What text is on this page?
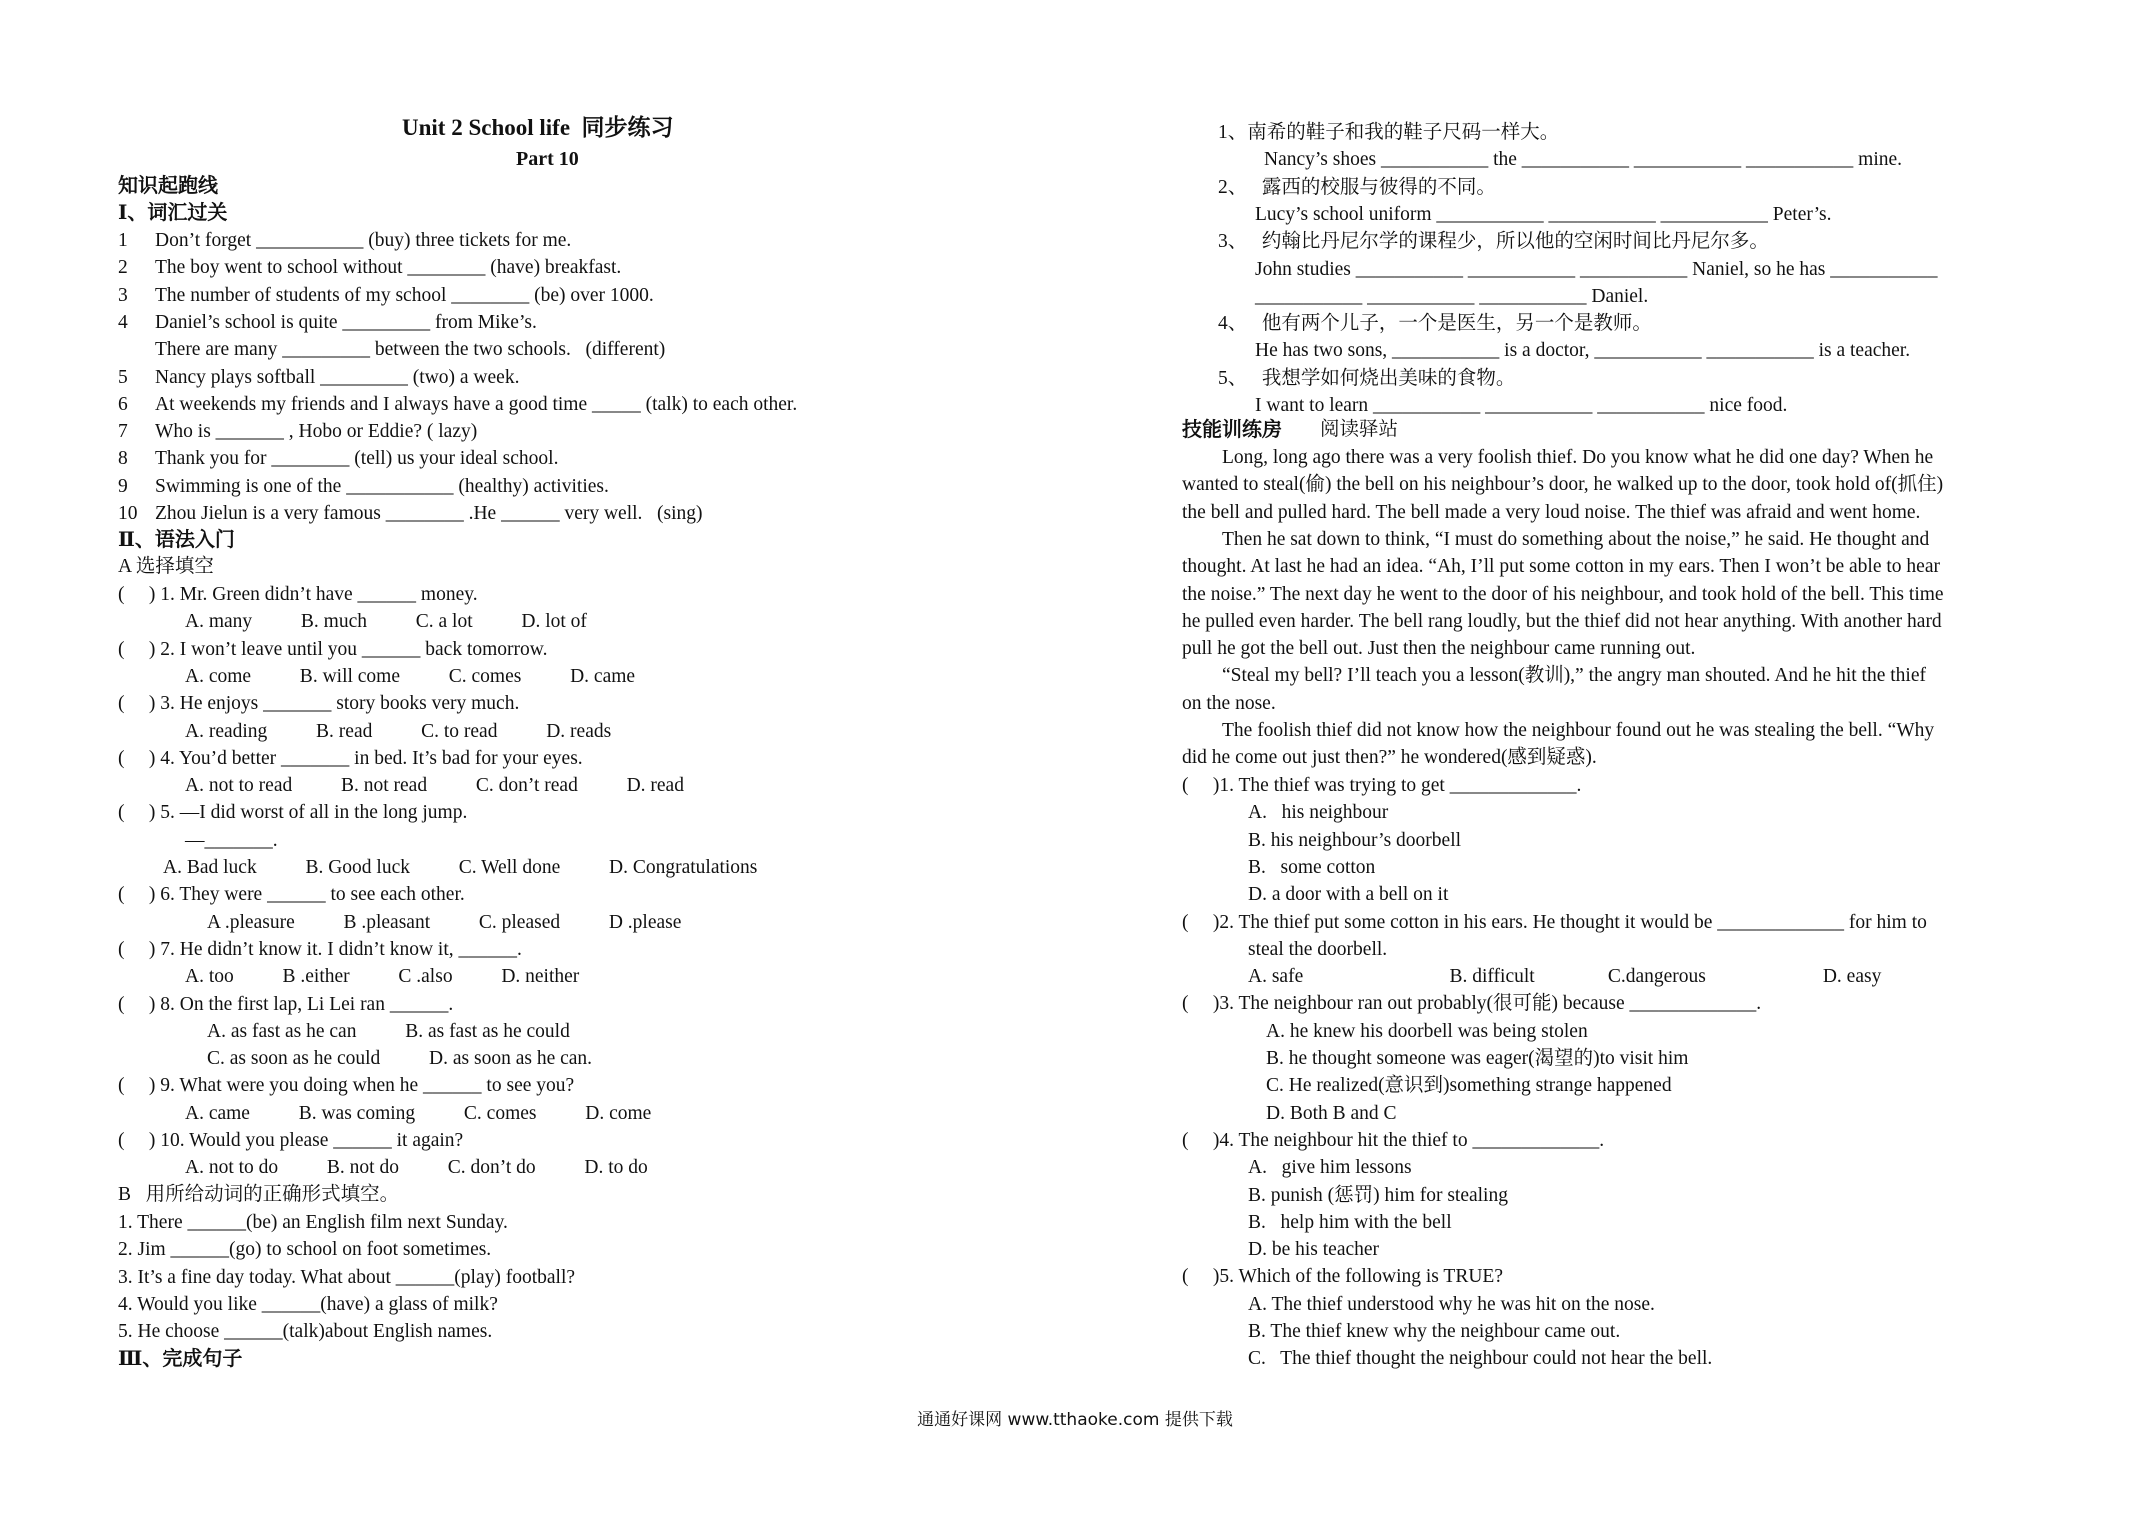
Unit 2 School life  同步练习
Part 10
知识起跑线
Ⅰ、词汇过关
1 Don’t forget ___________ (buy) three tickets for me.
2 The boy went to school without ________ (have) breakfast.
3 The number of students of my school ________ (be) over 1000.
4 Daniel’s school is quite _________ from Mike’s.
There are many _________ between the two schools.   (different)
5 Nancy plays softball _________ (two) a week.
6 At weekends my friends and I always have a good time _____ (talk) to each other.
7 Who is _______ , Hobo or Eddie? ( lazy)
8 Thank you for ________ (tell) us your ideal school.
9 Swimming is one of the ___________ (healthy) activities.
10 Zhou Jielun is a very famous ________ .He ______ very well.   (sing)
Ⅱ、语法入门
A 选择填空
(     ) 1. Mr. Green didn’t have ______ money.
A. many          B. much          C. a lot          D. lot of
(     ) 2. I won’t leave until you ______ back tomorrow.
A. come          B. will come          C. comes          D. came
(     ) 3. He enjoys _______ story books very much.
A. reading          B. read          C. to read          D. reads
(     ) 4. You’d better _______ in bed. It’s bad for your eyes.
A. not to read          B. not read          C. don’t read          D. read
(     ) 5. —I did worst of all in the long jump.
—_______.
A. Bad luck          B. Good luck          C. Well done          D. Congratulations
(     ) 6. They were ______ to see each other.
A .pleasure          B .pleasant          C. pleased          D .please
(     ) 7. He didn’t know it. I didn’t know it, ______.
A. too          B .either          C .also          D. neither
(     ) 8. On the first lap, Li Lei ran ______.
A. as fast as he can          B. as fast as he could
C. as soon as he could          D. as soon as he can.
(     ) 9. What were you doing when he ______ to see you?
A. came          B. was coming          C. comes          D. come
(     ) 10. Would you please ______ it again?
A. not to do          B. not do          C. don’t do          D. to do
B   用所给动词的正确形式填空。
1. There ______(be) an English film next Sunday.
2. Jim ______(go) to school on foot sometimes.
3. It’s a fine day today. What about ______(play) football?
4. Would you like ______(have) a glass of milk?
5. He choose ______(talk)about English names.
Ⅲ、完成句子
1、南希的鞋子和我的鞋子尺码一样大。
Nancy’s shoes ___________ the ___________ ___________ ___________ mine.
2、   露西的校服与彼得的不同。
Lucy’s school uniform ___________ ___________ ___________ Peter’s.
3、   约翰比丹尼尔学的课程少，所以他的空闲时间比丹尼尔多。
John studies ___________ ___________ ___________ Naniel, so he has ___________
___________ ___________ ___________ Daniel.
4、   他有两个儿子，一个是医生，另一个是教师。
He has two sons, ___________ is a doctor, ___________ ___________ is a teacher.
5、   我想学如何烧出美味的食物。
I want to learn ___________ ___________ ___________ nice food.
技能训练房 阅读驿站
Long, long ago there was a very foolish thief. Do you know what he did one day? When he
wanted to steal(偷) the bell on his neighbour’s door, he walked up to the door, took hold of(抓住)
the bell and pulled hard. The bell made a very loud noise. The thief was afraid and went home.
Then he sat down to think, “I must do something about the noise,” he said. He thought and
thought. At last he had an idea. “Ah, I’ll put some cotton in my ears. Then I won’t be able to hear
the noise.” The next day he went to the door of his neighbour, and took hold of the bell. This time
he pulled even harder. The bell rang loudly, but the thief did not hear anything. With another hard
pull he got the bell out. Just then the neighbour came running out.
“Steal my bell? I’ll teach you a lesson(教训),” the angry man shouted. And he hit the thief
on the nose.
The foolish thief did not know how the neighbour found out he was stealing the bell. “Why
did he come out just then?” he wondered(感到疑惑).
(     )1. The thief was trying to get _____________.
A.   his neighbour
B. his neighbour’s doorbell
B.   some cotton
D. a door with a bell on it
(     )2. The thief put some cotton in his ears. He thought it would be _____________ for him to
steal the doorbell.
A. safe                              B. difficult               C.dangerous                        D. easy
(     )3. The neighbour ran out probably(很可能) because _____________.
A. he knew his doorbell was being stolen
B. he thought someone was eager(渴望的)to visit him
C. He realized(意识到)something strange happened
D. Both B and C
(     )4. The neighbour hit the thief to _____________.
A.   give him lessons
B. punish (惩罚) him for stealing
B.   help him with the bell
D. be his teacher
(     )5. Which of the following is TRUE?
A. The thief understood why he was hit on the nose.
B. The thief knew why the neighbour came out.
C.   The thief thought the neighbour could not hear the bell.
通通好课网 www.tthaoke.com 提供下载
